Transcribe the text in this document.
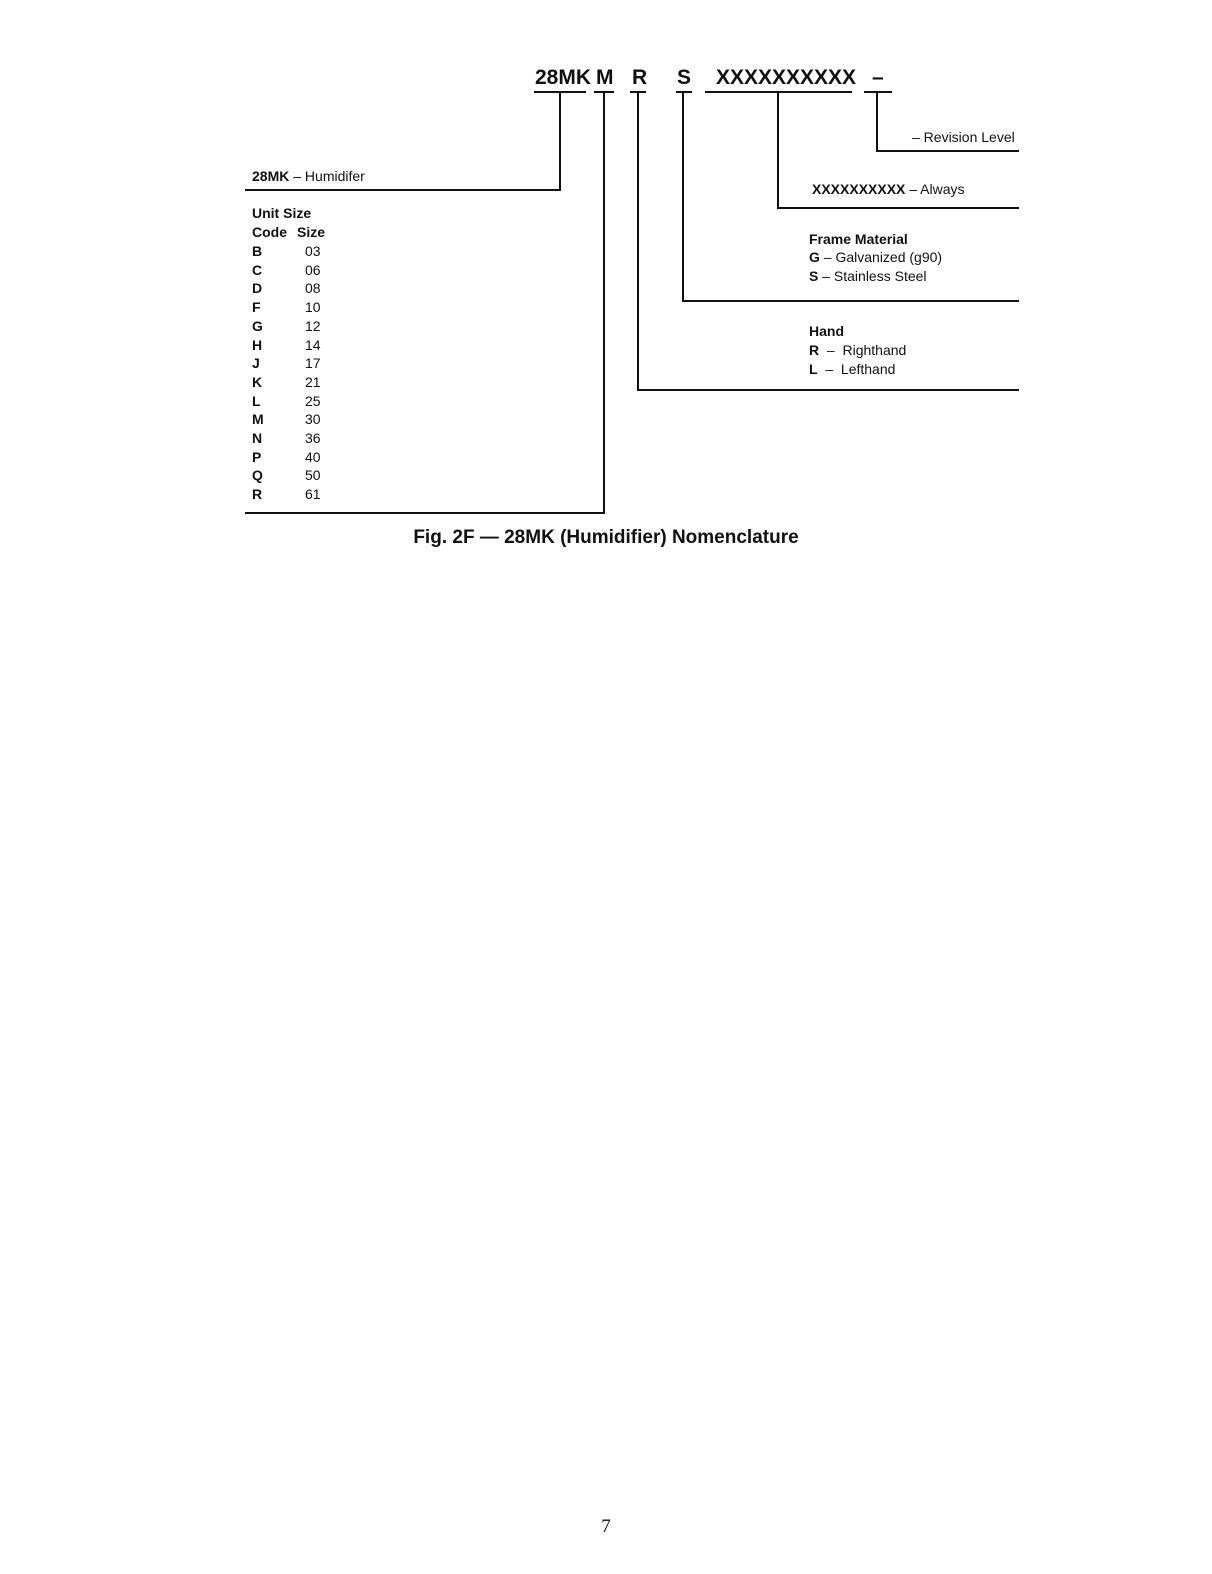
28MK M R S XXXXXXXXXX –
– Revision Level
XXXXXXXXXX – Always
Frame Material
G – Galvanized (g90)
S – Stainless Steel
Hand
R  –  Righthand
L  –  Lefthand
28MK – Humidifer
Unit Size
Code Size
B	03
C	06
D	08
F	10
G	12
H	14
J	17
K	21
L	25
M	30
N	36
P	40
Q	50
R	61
Fig. 2F — 28MK (Humidifier) Nomenclature
7
